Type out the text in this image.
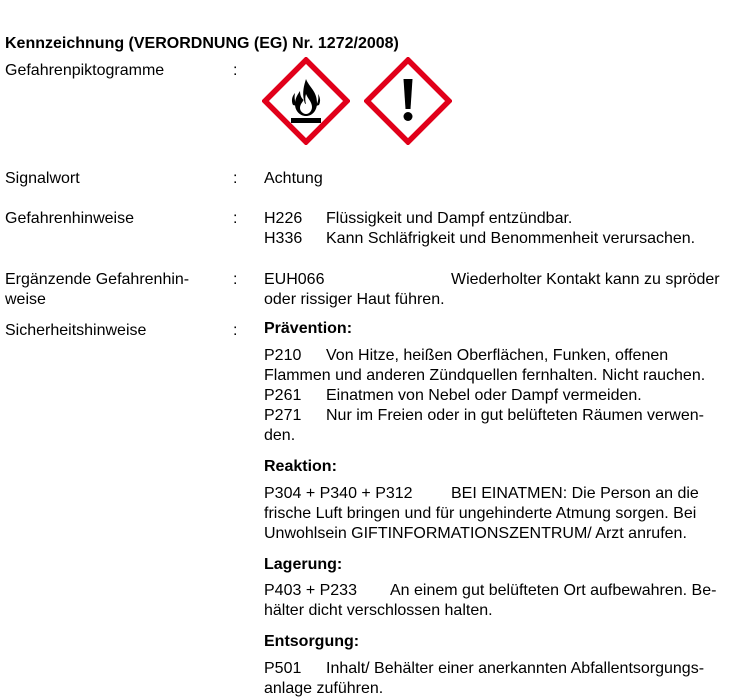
Kennzeichnung (VERORDNUNG (EG) Nr. 1272/2008)
Gefahrenpiktogramme	:
Signalwort	: Achtung
Gefahrenhinweise	: H226 Flüssigkeit und Dampf entzündbar.
H336 Kann Schläfrigkeit und Benommenheit verursachen.
Ergänzende Gefahrenhin-
weise
: EUH066	Wiederholter Kontakt kann zu spröder
oder rissiger Haut führen.
Sicherheitshinweise	: Prävention:
P210 Von Hitze, heißen Oberflächen, Funken, offenen
Flammen und anderen Zündquellen fernhalten. Nicht rauchen.
P261 Einatmen von Nebel oder Dampf vermeiden.
P271 Nur im Freien oder in gut belüfteten Räumen verwen-
den.
Reaktion:
P304 + P340 + P312 BEI EINATMEN: Die Person an die
frische Luft bringen und für ungehinderte Atmung sorgen. Bei
Unwohlsein GIFTINFORMATIONSZENTRUM/ Arzt anrufen.
Lagerung:
P403 + P233 An einem gut belüfteten Ort aufbewahren. Be-
hälter dicht verschlossen halten.
Entsorgung:
P501 Inhalt/ Behälter einer anerkannten Abfallentsorgungs-
anlage zuführen.
